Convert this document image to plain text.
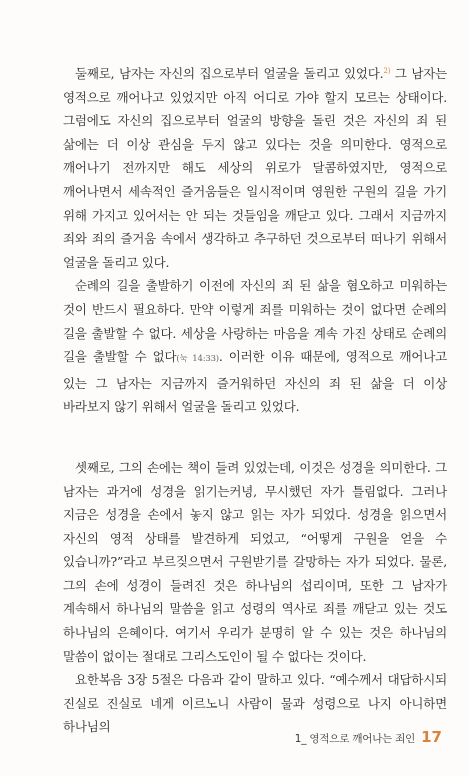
둘째로, 남자는 자신의 집으로부터 얼굴을 돌리고 있었다.$^{2)}$ 그 남자는 영적으로 깨어나고 있었지만 아직 어디로 가야 할지 모르는 상태이다. 그럼에도 자신의 집으로부터 얼굴의 방향을 돌린 것은 자신의 죄 된 삶에는 더 이상 관심을 두지 않고 있다는 것을 의미한다. 영적으로 깨어나기 전까지만 해도 세상의 위로가 달콤하였지만, 영적으로 깨어나면서 세속적인 즐거움들은 일시적이며 영원한 구원의 길을 가기 위해 가지고 있어서는 안 되는 것들임을 깨닫고 있다. 그래서 지금까지 죄와 죄의 즐거움 속에서 생각하고 추구하던 것으로부터 떠나기 위해서 얼굴을 돌리고 있다.

순례의 길을 출발하기 이전에 자신의 죄 된 삶을 혐오하고 미워하는 것이 반드시 필요하다. 만약 이렇게 죄를 미워하는 것이 없다면 순례의 길을 출발할 수 없다. 세상을 사랑하는 마음을 계속 가진 상태로 순례의 길을 출발할 수 없다(눅 14:33). 이러한 이유 때문에, 영적으로 깨어나고 있는 그 남자는 지금까지 즐거워하던 자신의 죄 된 삶을 더 이상 바라보지 않기 위해서 얼굴을 돌리고 있었다.

셋째로, 그의 손에는 책이 들려 있었는데, 이것은 성경을 의미한다. 그 남자는 과거에 성경을 읽기는커녕, 무시했던 자가 틀림없다. 그러나 지금은 성경을 손에서 놓지 않고 읽는 자가 되었다. 성경을 읽으면서 자신의 영적 상태를 발견하게 되었고, “어떻게 구원을 얻을 수 있습니까?”라고 부르짖으면서 구원받기를 갈망하는 자가 되었다. 물론, 그의 손에 성경이 들려진 것은 하나님의 섭리이며, 또한 그 남자가 계속해서 하나님의 말씀을 읽고 성령의 역사로 죄를 깨닫고 있는 것도 하나님의 은혜이다. 여기서 우리가 분명히 알 수 있는 것은 하나님의 말씀이 없이는 절대로 그리스도인이 될 수 없다는 것이다.

요한복음 3장 5절은 다음과 같이 말하고 있다. “예수께서 대답하시되 진실로 진실로 네게 이르노니 사람이 물과 성령으로 나지 아니하면 하나님의

1_ 영적으로 깨어나는 죄인 17
